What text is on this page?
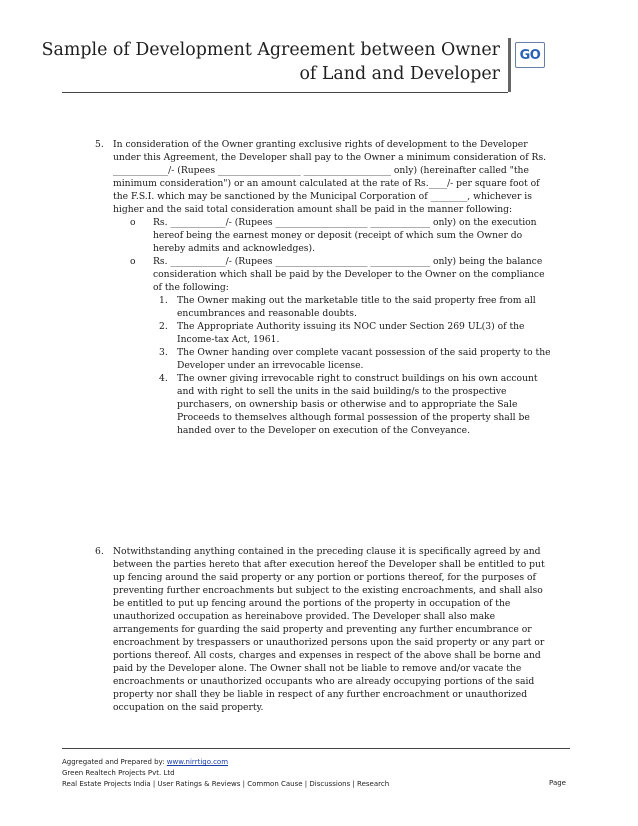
Sample of Development Agreement between Owner
of Land and Developer
GO
5. In consideration of the Owner granting exclusive rights of development to the Developer under this Agreement, the Developer shall pay to the Owner a minimum consideration of Rs. ____________/- (Rupees __________________ ___________________ only) (hereinafter called "the minimum consideration") or an amount calculated at the rate of Rs.____/- per square foot of the F.S.I. which may be sanctioned by the Municipal Corporation of ________, whichever is higher and the said total consideration amount shall be paid in the manner following:
o Rs. ____________/- (Rupees ____________________ _____________ only) on the execution hereof being the earnest money or deposit (receipt of which sum the Owner do hereby admits and acknowledges).
o Rs. ____________/- (Rupees ____________________ _____________ only) being the balance consideration which shall be paid by the Developer to the Owner on the compliance of the following:
1. The Owner making out the marketable title to the said property free from all encumbrances and reasonable doubts.
2. The Appropriate Authority issuing its NOC under Section 269 UL(3) of the Income-tax Act, 1961.
3. The Owner handing over complete vacant possession of the said property to the Developer under an irrevocable license.
4. The owner giving irrevocable right to construct buildings on his own account and with right to sell the units in the said building/s to the prospective purchasers, on ownership basis or otherwise and to appropriate the Sale Proceeds to themselves although formal possession of the property shall be handed over to the Developer on execution of the Conveyance.
6. Notwithstanding anything contained in the preceding clause it is specifically agreed by and between the parties hereto that after execution hereof the Developer shall be entitled to put up fencing around the said property or any portion or portions thereof, for the purposes of preventing further encroachments but subject to the existing encroachments, and shall also be entitled to put up fencing around the portions of the property in occupation of the unauthorized occupation as hereinabove provided. The Developer shall also make arrangements for guarding the said property and preventing any further encumbrance or encroachment by trespassers or unauthorized persons upon the said property or any part or portions thereof. All costs, charges and expenses in respect of the above shall be borne and paid by the Developer alone. The Owner shall not be liable to remove and/or vacate the encroachments or unauthorized occupants who are already occupying portions of the said property nor shall they be liable in respect of any further encroachment or unauthorized occupation on the said property.
Aggregated and Prepared by: www.nirrtigo.com
Green Realtech Projects Pvt. Ltd
Real Estate Projects India | User Ratings & Reviews | Common Cause | Discussions | Research	Page
